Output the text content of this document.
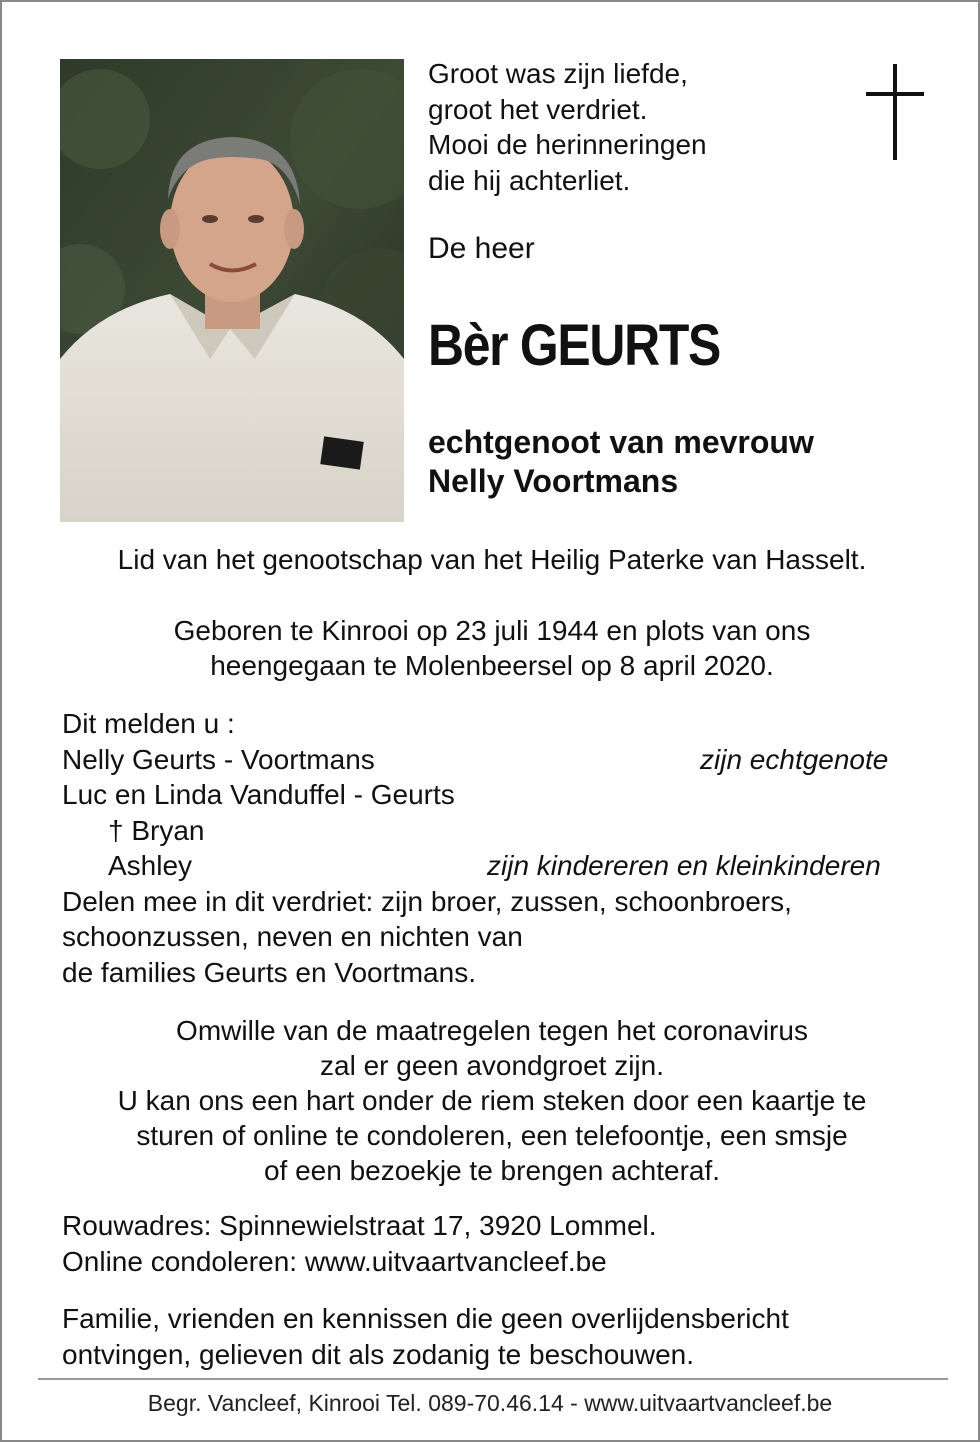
Groot was zijn liefde,
groot het verdriet.
Mooi de herinneringen
die hij achterliet.
De heer
Bèr GEURTS
echtgenoot van mevrouw
Nelly Voortmans
Lid van het genootschap van het Heilig Paterke van Hasselt.
Geboren te Kinrooi op 23 juli 1944 en plots van ons
heengegaan te Molenbeersel op 8 april 2020.
Dit melden u :
Nelly Geurts - Voortmans	zijn echtgenote
Luc en Linda Vanduffel - Geurts
† Bryan
Ashley	zijn kindereren en kleinkinderen
Delen mee in dit verdriet: zijn broer, zussen, schoonbroers,
schoonzussen, neven en nichten van
de families Geurts en Voortmans.
Omwille van de maatregelen tegen het coronavirus
zal er geen avondgroet zijn.
U kan ons een hart onder de riem steken door een kaartje te
sturen of online te condoleren, een telefoontje, een smsje
of een bezoekje te brengen achteraf.
Rouwadres: Spinnewielstraat 17, 3920 Lommel.
Online condoleren: www.uitvaartvancleef.be
Familie, vrienden en kennissen die geen overlijdensbericht
ontvingen, gelieven dit als zodanig te beschouwen.
Begr. Vancleef, Kinrooi Tel. 089-70.46.14 - www.uitvaartvancleef.be
